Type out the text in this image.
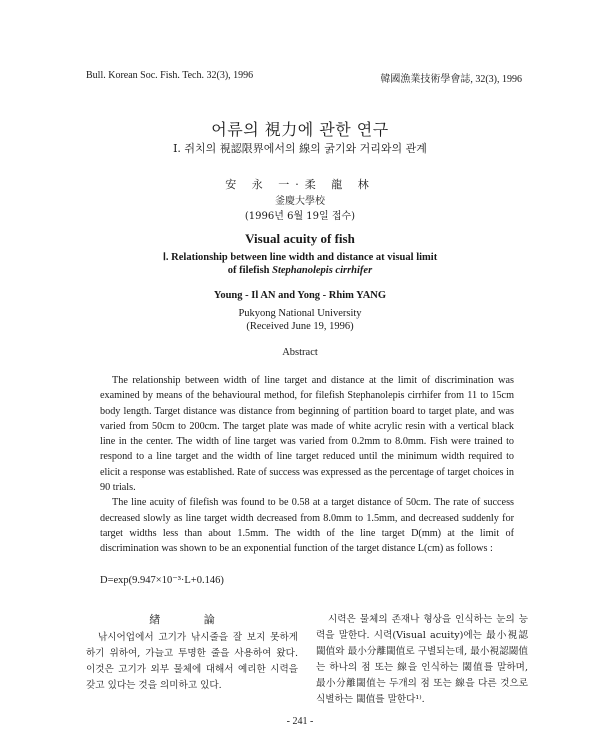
Bull. Korean Soc. Fish. Tech. 32(3), 1996	韓國漁業技術學會誌, 32(3), 1996
어류의 視力에 관한 연구
Ⅰ. 쥐치의 視認限界에서의 線의 굵기와 거리와의 관계
安 永 一·柔 龍 林
釜慶大學校
(1996년 6월 19일 접수)
Visual acuity of fish
Ⅰ. Relationship between line width and distance at visual limit
of filefish Stephanolepis cirrhifer
Young - Il AN and Yong - Rhim YANG
Pukyong National University
(Received June 19, 1996)
Abstract

The relationship between width of line target and distance at the limit of discrimination was examined by means of the behavioural method, for filefish Stephanolepis cirrhifer from 11 to 15cm body length. Target distance was distance from beginning of partition board to target plate, and was varied from 50cm to 200cm. The target plate was made of white acrylic resin with a vertical black line in the center. The width of line target was varied from 0.2mm to 8.0mm. Fish were trained to respond to a line target and the width of line target reduced until the minimum width required to elicit a response was established. Rate of success was expressed as the percentage of target choices in 90 trials.

The line acuity of filefish was found to be 0.58 at a target distance of 50cm. The rate of success decreased slowly as line target width decreased from 8.0mm to 1.5mm, and decreased suddenly for target widths less than about 1.5mm. The width of the line target D(mm) at the limit of discrimination was shown to be an exponential function of the target distance L(cm) as follows :

D=exp(9.947×10⁻³·L+0.146)
緖 論

낚시어업에서 고기가 낚시줄을 잘 보지 못하게 하기 위하여, 가늘고 투명한 줄을 사용하여 왔다. 이것은 고기가 외부 물체에 대해서 예리한 시력을 갖고 있다는 것을 의미하고 있다.

시력은 물체의 존재나 형상을 인식하는 눈의 능력을 말한다. 시력(Visual acuity)에는 最小視認閾值와 最小分離閾值로 구별되는데, 最小視認閾值는 하나의 점 또는 線을 인식하는 閾值를 말하며, 最小分離閾值는 두개의 점 또는 線을 다른 것으로 식별하는 閾值를 말한다¹⁾.

- 241 -
